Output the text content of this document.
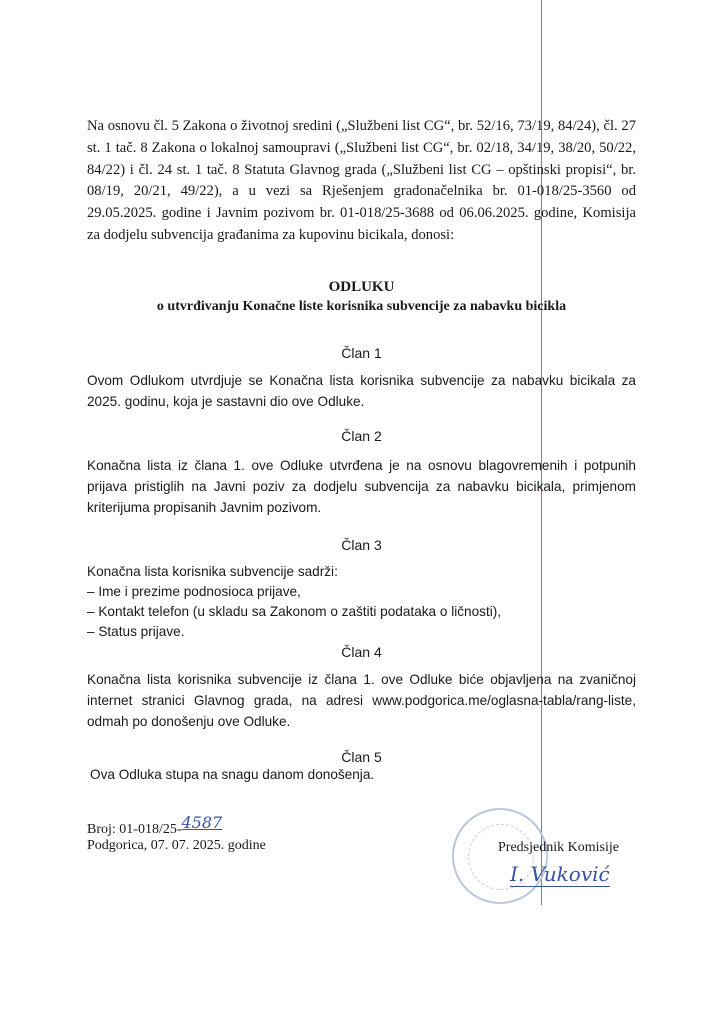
Na osnovu čl. 5 Zakona o životnoj sredini („Službeni list CG“, br. 52/16, 73/19, 84/24), čl. 27 st. 1 tač. 8 Zakona o lokalnoj samoupravi („Službeni list CG“, br. 02/18, 34/19, 38/20, 50/22, 84/22) i čl. 24 st. 1 tač. 8 Statuta Glavnog grada („Službeni list CG – opštinski propisi“, br. 08/19, 20/21, 49/22), a u vezi sa Rješenjem gradonačelnika br. 01-018/25-3560 od 29.05.2025. godine i Javnim pozivom br. 01-018/25-3688 od 06.06.2025. godine, Komisija za dodjelu subvencija građanima za kupovinu bicikala, donosi:
ODLUKU
o utvrđivanju Konačne liste korisnika subvencije za nabavku bicikla
Član 1
Ovom Odlukom utvrdjuje se Konačna lista korisnika subvencije za nabavku bicikala za 2025. godinu, koja je sastavni dio ove Odluke.
Član 2
Konačna lista iz člana 1. ove Odluke utvrđena je na osnovu blagovremenih i potpunih prijava pristiglih na Javni poziv za dodjelu subvencija za nabavku bicikala, primjenom kriterijuma propisanih Javnim pozivom.
Član 3
Konačna lista korisnika subvencije sadrži:
– Ime i prezime podnosioca prijave,
– Kontakt telefon (u skladu sa Zakonom o zaštiti podataka o ličnosti),
– Status prijave.
Član 4
Konačna lista korisnika subvencije iz člana 1. ove Odluke biće objavljena na zvaničnoj internet stranici Glavnog grada, na adresi www.podgorica.me/oglasna-tabla/rang-liste, odmah po donošenju ove Odluke.
Član 5
Ova Odluka stupa na snagu danom donošenja.
Broj: 01-018/25-4587
Podgorica, 07. 07. 2025. godine	Predsjednik Komisije
I. Vuković
